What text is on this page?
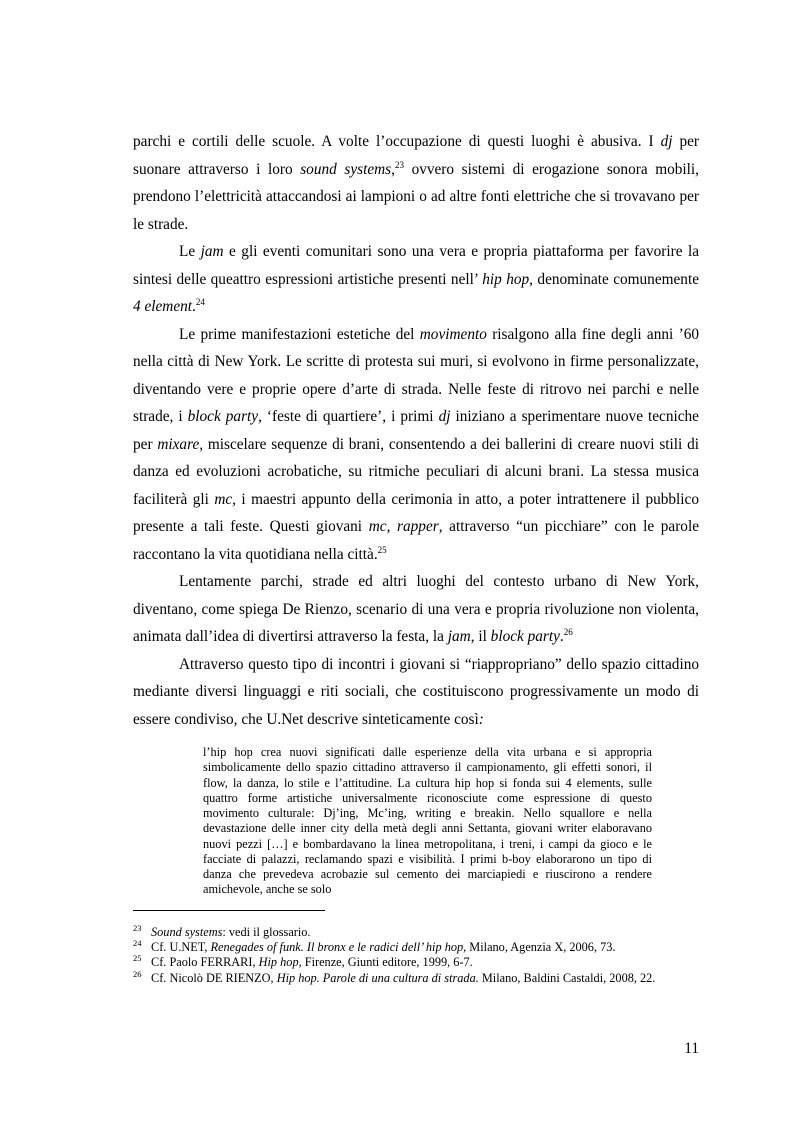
parchi e cortili delle scuole. A volte l’occupazione di questi luoghi è abusiva. I dj per suonare attraverso i loro sound systems,$^{23}$ ovvero sistemi di erogazione sonora mobili, prendono l’elettricità attaccandosi ai lampioni o ad altre fonti elettriche che si trovavano per le strade.

Le jam e gli eventi comunitari sono una vera e propria piattaforma per favorire la sintesi delle queattro espressioni artistiche presenti nell’ hip hop, denominate comunemente 4 element.$^{24}$

Le prime manifestazioni estetiche del movimento risalgono alla fine degli anni ’60 nella città di New York. Le scritte di protesta sui muri, si evolvono in firme personalizzate, diventando vere e proprie opere d’arte di strada. Nelle feste di ritrovo nei parchi e nelle strade, i block party, ‘feste di quartiere’, i primi dj iniziano a sperimentare nuove tecniche per mixare, miscelare sequenze di brani, consentendo a dei ballerini di creare nuovi stili di danza ed evoluzioni acrobatiche, su ritmiche peculiari di alcuni brani. La stessa musica faciliterà gli mc, i maestri appunto della cerimonia in atto, a poter intrattenere il pubblico presente a tali feste. Questi giovani mc, rapper, attraverso “un picchiare” con le parole raccontano la vita quotidiana nella città.$^{25}$

Lentamente parchi, strade ed altri luoghi del contesto urbano di New York, diventano, come spiega De Rienzo, scenario di una vera e propria rivoluzione non violenta, animata dall’idea di divertirsi attraverso la festa, la jam, il block party.$^{26}$

Attraverso questo tipo di incontri i giovani si “riappropriano” dello spazio cittadino mediante diversi linguaggi e riti sociali, che costituiscono progressivamente un modo di essere condiviso, che U.Net descrive sinteticamente così:

l’hip hop crea nuovi significati dalle esperienze della vita urbana e si appropria simbolicamente dello spazio cittadino attraverso il campionamento, gli effetti sonori, il flow, la danza, lo stile e l’attitudine. La cultura hip hop si fonda sui 4 elements, sulle quattro forme artistiche universalmente riconosciute come espressione di questo movimento culturale: Dj’ing, Mc’ing, writing e breakin. Nello squallore e nella devastazione delle inner city della metà degli anni Settanta, giovani writer elaboravano nuovi pezzi […] e bombardavano la linea metropolitana, i treni, i campi da gioco e le facciate di palazzi, reclamando spazi e visibilità. I primi b-boy elaborarono un tipo di danza che prevedeva acrobazie sul cemento dei marciapiedi e riuscirono a rendere amichevole, anche se solo

23 Sound systems: vedi il glossario.
24 Cf. U.NET, Renegades of funk. Il bronx e le radici dell’ hip hop, Milano, Agenzia X, 2006, 73.
25 Cf. Paolo FERRARI, Hip hop, Firenze, Giunti editore, 1999, 6-7.
26 Cf. Nicolò DE RIENZO, Hip hop. Parole di una cultura di strada. Milano, Baldini Castaldi, 2008, 22.
11
